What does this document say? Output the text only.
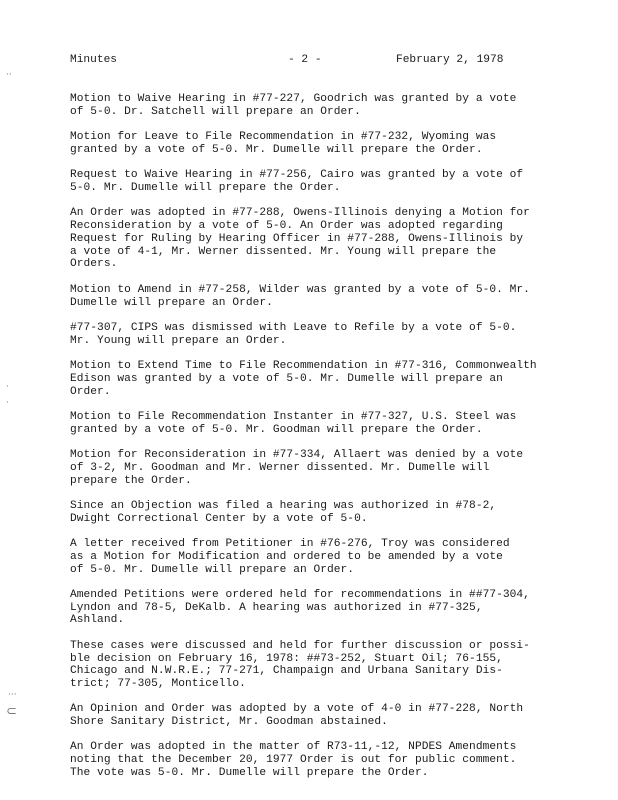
Minutes	- 2 -	February 2, 1978

Motion to Waive Hearing in #77-227, Goodrich was granted by a vote
of 5-0. Dr. Satchell will prepare an Order.

Motion for Leave to File Recommendation in #77-232, Wyoming was
granted by a vote of 5-0. Mr. Dumelle will prepare the Order.

Request to Waive Hearing in #77-256, Cairo was granted by a vote of
5-0. Mr. Dumelle will prepare the Order.

An Order was adopted in #77-288, Owens-Illinois denying a Motion for
Reconsideration by a vote of 5-0. An Order was adopted regarding
Request for Ruling by Hearing Officer in #77-288, Owens-Illinois by
a vote of 4-1, Mr. Werner dissented. Mr. Young will prepare the
Orders.

Motion to Amend in #77-258, Wilder was granted by a vote of 5-0. Mr.
Dumelle will prepare an Order.

#77-307, CIPS was dismissed with Leave to Refile by a vote of 5-0.
Mr. Young will prepare an Order.

Motion to Extend Time to File Recommendation in #77-316, Commonwealth
Edison was granted by a vote of 5-0. Mr. Dumelle will prepare an
Order.

Motion to File Recommendation Instanter in #77-327, U.S. Steel was
granted by a vote of 5-0. Mr. Goodman will prepare the Order.

Motion for Reconsideration in #77-334, Allaert was denied by a vote
of 3-2, Mr. Goodman and Mr. Werner dissented. Mr. Dumelle will
prepare the Order.

Since an Objection was filed a hearing was authorized in #78-2,
Dwight Correctional Center by a vote of 5-0.

A letter received from Petitioner in #76-276, Troy was considered
as a Motion for Modification and ordered to be amended by a vote
of 5-0. Mr. Dumelle will prepare an Order.

Amended Petitions were ordered held for recommendations in ##77-304,
Lyndon and 78-5, DeKalb. A hearing was authorized in #77-325,
Ashland.

These cases were discussed and held for further discussion or possi-
ble decision on February 16, 1978: ##73-252, Stuart Oil; 76-155,
Chicago and N.W.R.E.; 77-271, Champaign and Urbana Sanitary Dis-
trict; 77-305, Monticello.

An Opinion and Order was adopted by a vote of 4-0 in #77-228, North
Shore Sanitary District, Mr. Goodman abstained.

An Order was adopted in the matter of R73-11,-12, NPDES Amendments
noting that the December 20, 1977 Order is out for public comment.
The vote was 5-0. Mr. Dumelle will prepare the Order.

··
·
·
···
⊂
